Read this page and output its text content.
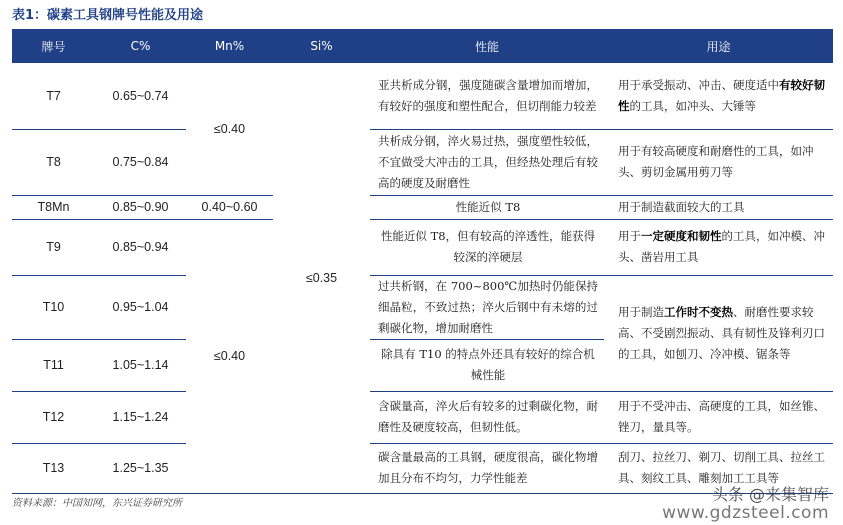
表1：碳素工具钢牌号性能及用途
牌号	C%	Mn%	Si%	性能	用途
T7	0.65~0.74	≤0.40	≤0.35	亚共析成分钢，强度随碳含量增加而增加，有较好的强度和塑性配合，但切削能力较差	用于承受振动、冲击、硬度适中有较好韧性的工具，如冲头、大锤等
T8	0.75~0.84			共析成分钢，淬火易过热，强度塑性较低，不宜做受大冲击的工具，但经热处理后有较高的硬度及耐磨性	用于有较高硬度和耐磨性的工具，如冲头、剪切金属用剪刀等
T8Mn	0.85~0.90	0.40~0.60		性能近似 T8	用于制造截面较大的工具
T9	0.85~0.94	≤0.40		性能近似 T8，但有较高的淬透性，能获得较深的淬硬层	用于一定硬度和韧性的工具，如冲模、冲头、凿岩用工具
T10	0.95~1.04			过共析钢，在 700~800℃加热时仍能保持细晶粒，不致过热；淬火后钢中有未熔的过剩碳化物，增加耐磨性	用于制造工作时不变热、耐磨性要求较高、不受剧烈振动、具有韧性及锋利刃口的工具，如刨刀、冷冲模、锯条等
T11	1.05~1.14			除具有 T10 的特点外还具有较好的综合机械性能	
T12	1.15~1.24			含碳量高，淬火后有较多的过剩碳化物，耐磨性及硬度较高，但韧性低。	用于不受冲击、高硬度的工具，如丝锥、锉刀，量具等。
T13	1.25~1.35			碳含量最高的工具钢，硬度很高，碳化物增加且分布不均匀，力学性能差	刮刀、拉丝刀、剃刀、切削工具、拉丝工具、刻纹工具、雕刻加工工具等
资料来源：中国知网，东兴证券研究所	头条 @来集智库
www.gdzsteel.com
